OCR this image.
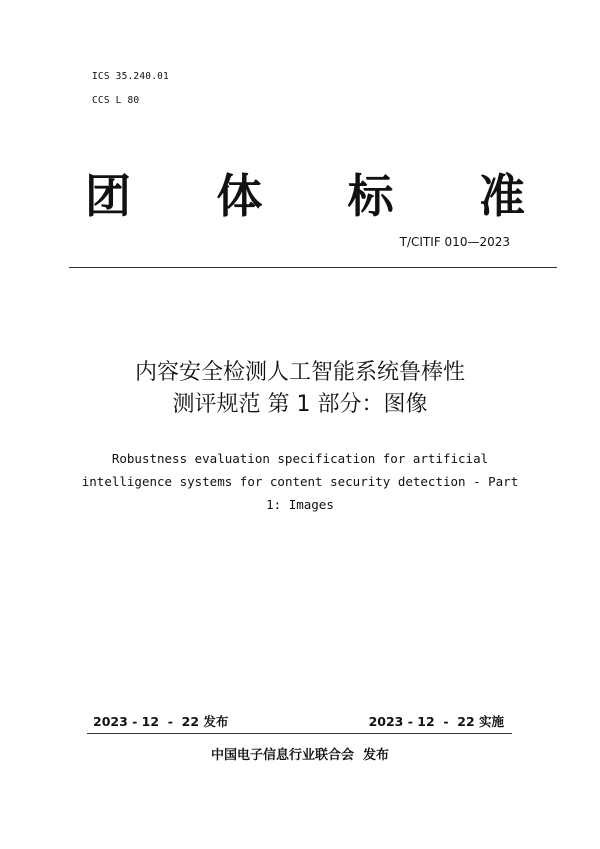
ICS 35.240.01
CCS L 80
团 体 标 准
T/CITIF 010—2023
内容安全检测人工智能系统鲁棒性
测评规范 第 1 部分：图像
Robustness evaluation specification for artificial
intelligence systems for content security detection - Part
1: Images
2023 - 12  -  22 发布	2023 - 12  -  22 实施
中国电子信息行业联合会  发布
